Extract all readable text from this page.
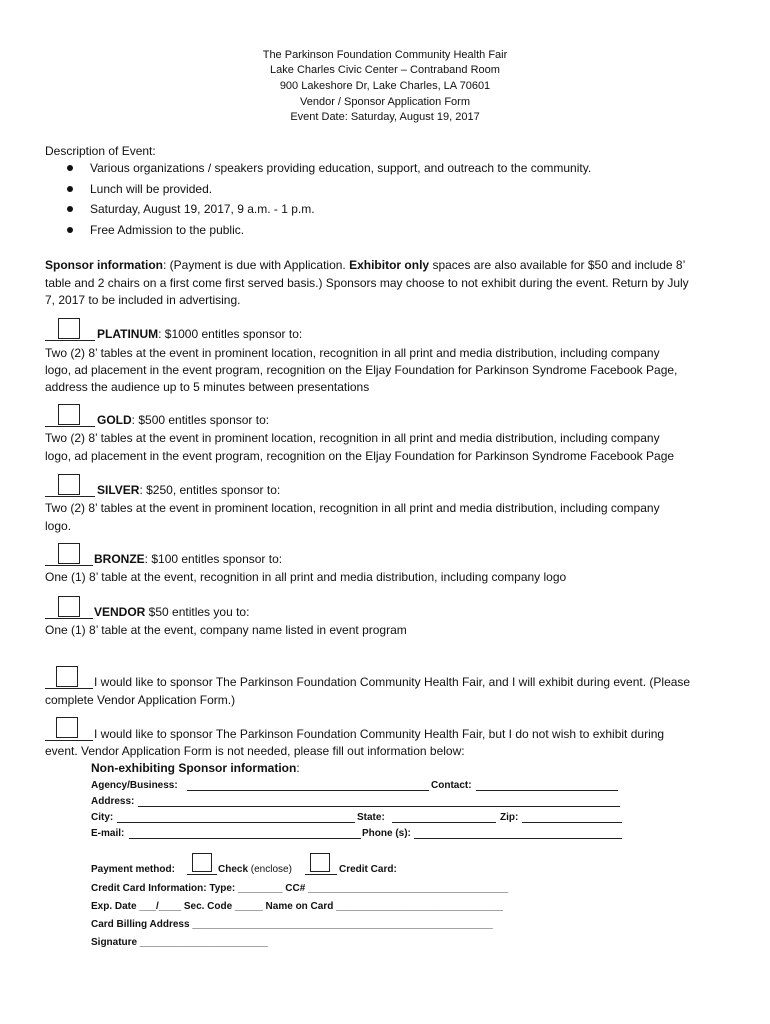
The Parkinson Foundation Community Health Fair
Lake Charles Civic Center – Contraband Room
900 Lakeshore Dr, Lake Charles, LA 70601
Vendor / Sponsor Application Form
Event Date: Saturday, August 19, 2017
Description of Event:
Various organizations / speakers providing education, support, and outreach to the community.
Lunch will be provided.
Saturday, August 19, 2017, 9 a.m. - 1 p.m.
Free Admission to the public.
Sponsor information: (Payment is due with Application. Exhibitor only spaces are also available for $50 and include 8’
table and 2 chairs on a first come first served basis.) Sponsors may choose to not exhibit during the event. Return by July
7, 2017 to be included in advertising.
PLATINUM: $1000 entitles sponsor to:
Two (2) 8’ tables at the event in prominent location, recognition in all print and media distribution, including company
logo, ad placement in the event program, recognition on the Eljay Foundation for Parkinson Syndrome Facebook Page,
address the audience up to 5 minutes between presentations
GOLD: $500 entitles sponsor to:
Two (2) 8’ tables at the event in prominent location, recognition in all print and media distribution, including company
logo, ad placement in the event program, recognition on the Eljay Foundation for Parkinson Syndrome Facebook Page
SILVER: $250, entitles sponsor to:
Two (2) 8’ tables at the event in prominent location, recognition in all print and media distribution, including company
logo.
BRONZE: $100 entitles sponsor to:
One (1) 8’ table at the event, recognition in all print and media distribution, including company logo
VENDOR $50 entitles you to:
One (1) 8’ table at the event, company name listed in event program
I would like to sponsor The Parkinson Foundation Community Health Fair, and I will exhibit during event. (Please
complete Vendor Application Form.)
I would like to sponsor The Parkinson Foundation Community Health Fair, but I do not wish to exhibit during
event. Vendor Application Form is not needed, please fill out information below:
Non-exhibiting Sponsor information:
Agency/Business:	Contact:
Address:
City:	State:	Zip:
E-mail:	Phone (s):
Payment method:	Check (enclose)	Credit Card:
Credit Card Information: Type: ________ CC# ____________________________________
Exp. Date ___/____ Sec. Code _____ Name on Card ______________________________
Card Billing Address ______________________________________________________
Signature _______________________
